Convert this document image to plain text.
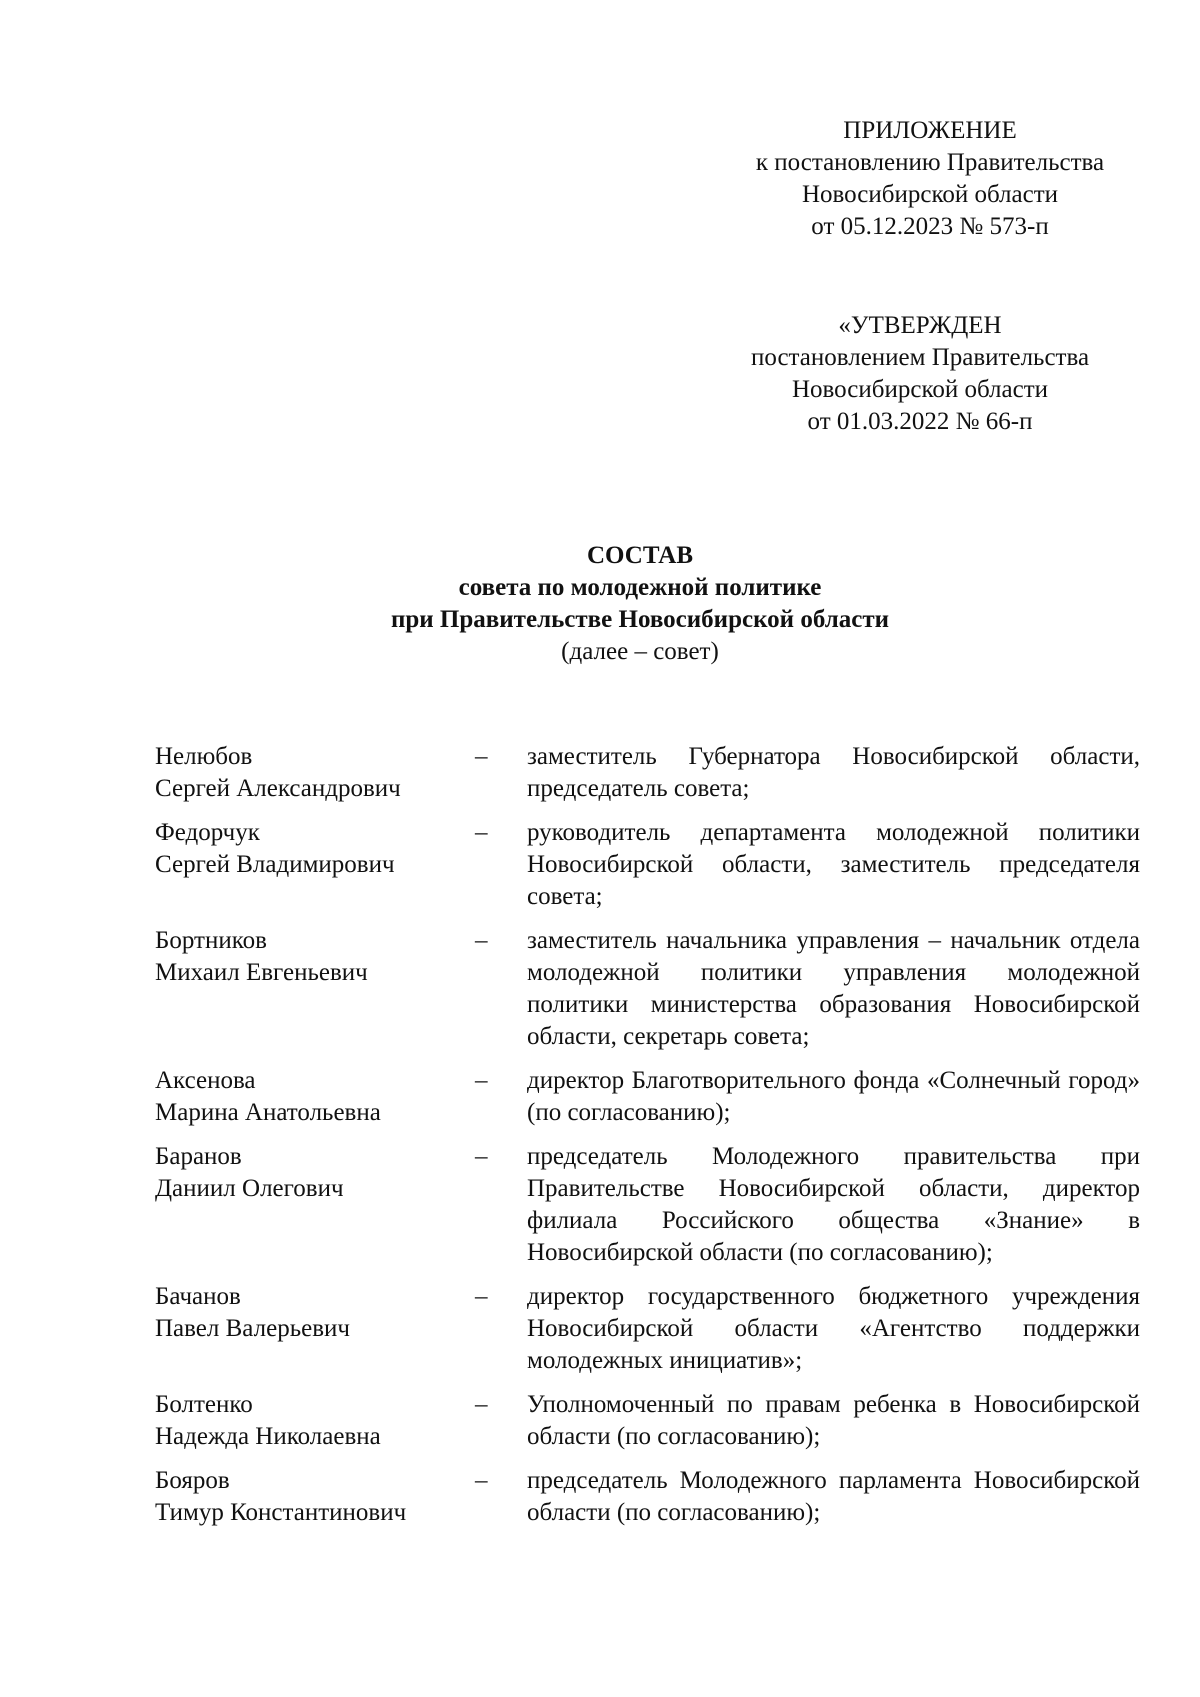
ПРИЛОЖЕНИЕ
к постановлению Правительства
Новосибирской области
от 05.12.2023 № 573-п
«УТВЕРЖДЕН
постановлением Правительства
Новосибирской области
от 01.03.2022 № 66-п
СОСТАВ
совета по молодежной политике
при Правительстве Новосибирской области
(далее – совет)
Нелюбов
Сергей Александрович
–	заместитель Губернатора Новосибирской области, председатель совета;
Федорчук
Сергей Владимирович
–	руководитель департамента молодежной политики Новосибирской области, заместитель председателя совета;
Бортников
Михаил Евгеньевич
–	заместитель начальника управления – начальник отдела молодежной политики управления молодежной политики министерства образования Новосибирской области, секретарь совета;
Аксенова
Марина Анатольевна
–	директор Благотворительного фонда «Солнечный город» (по согласованию);
Баранов
Даниил Олегович
–	председатель Молодежного правительства при Правительстве Новосибирской области, директор филиала Российского общества «Знание» в Новосибирской области (по согласованию);
Бачанов
Павел Валерьевич
–	директор государственного бюджетного учреждения Новосибирской области «Агентство поддержки молодежных инициатив»;
Болтенко
Надежда Николаевна
–	Уполномоченный по правам ребенка в Новосибирской области (по согласованию);
Бояров
Тимур Константинович
–	председатель Молодежного парламента Новосибирской области (по согласованию);
